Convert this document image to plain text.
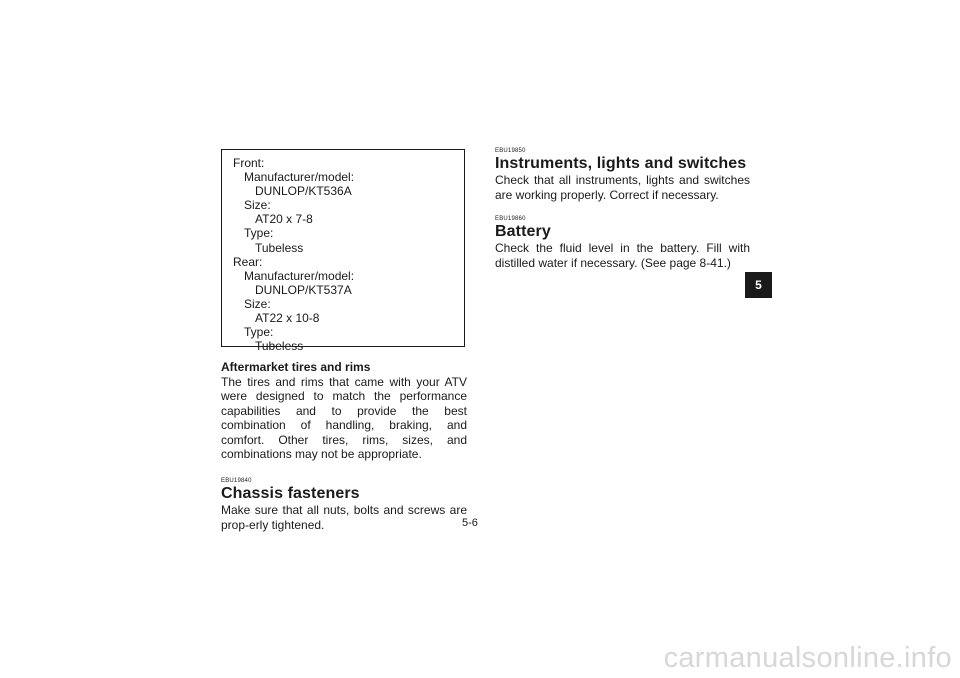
Front:
Manufacturer/model:
DUNLOP/KT536A
Size:
AT20 x 7-8
Type:
Tubeless
Rear:
Manufacturer/model:
DUNLOP/KT537A
Size:
AT22 x 10-8
Type:
Tubeless
Aftermarket tires and rims

The tires and rims that came with your ATV were designed to match the performance capabilities and to provide the best combination of handling, braking, and comfort. Other tires, rims, sizes, and combinations may not be appropriate.

EBU19840

Chassis fasteners

Make sure that all nuts, bolts and screws are prop-erly tightened.

EBU19850

Instruments, lights and switches

Check that all instruments, lights and switches are working properly. Correct if necessary.

EBU19860

Battery

Check the fluid level in the battery. Fill with distilled water if necessary. (See page 8-41.)

5
5-6
carmanualsonline.info
